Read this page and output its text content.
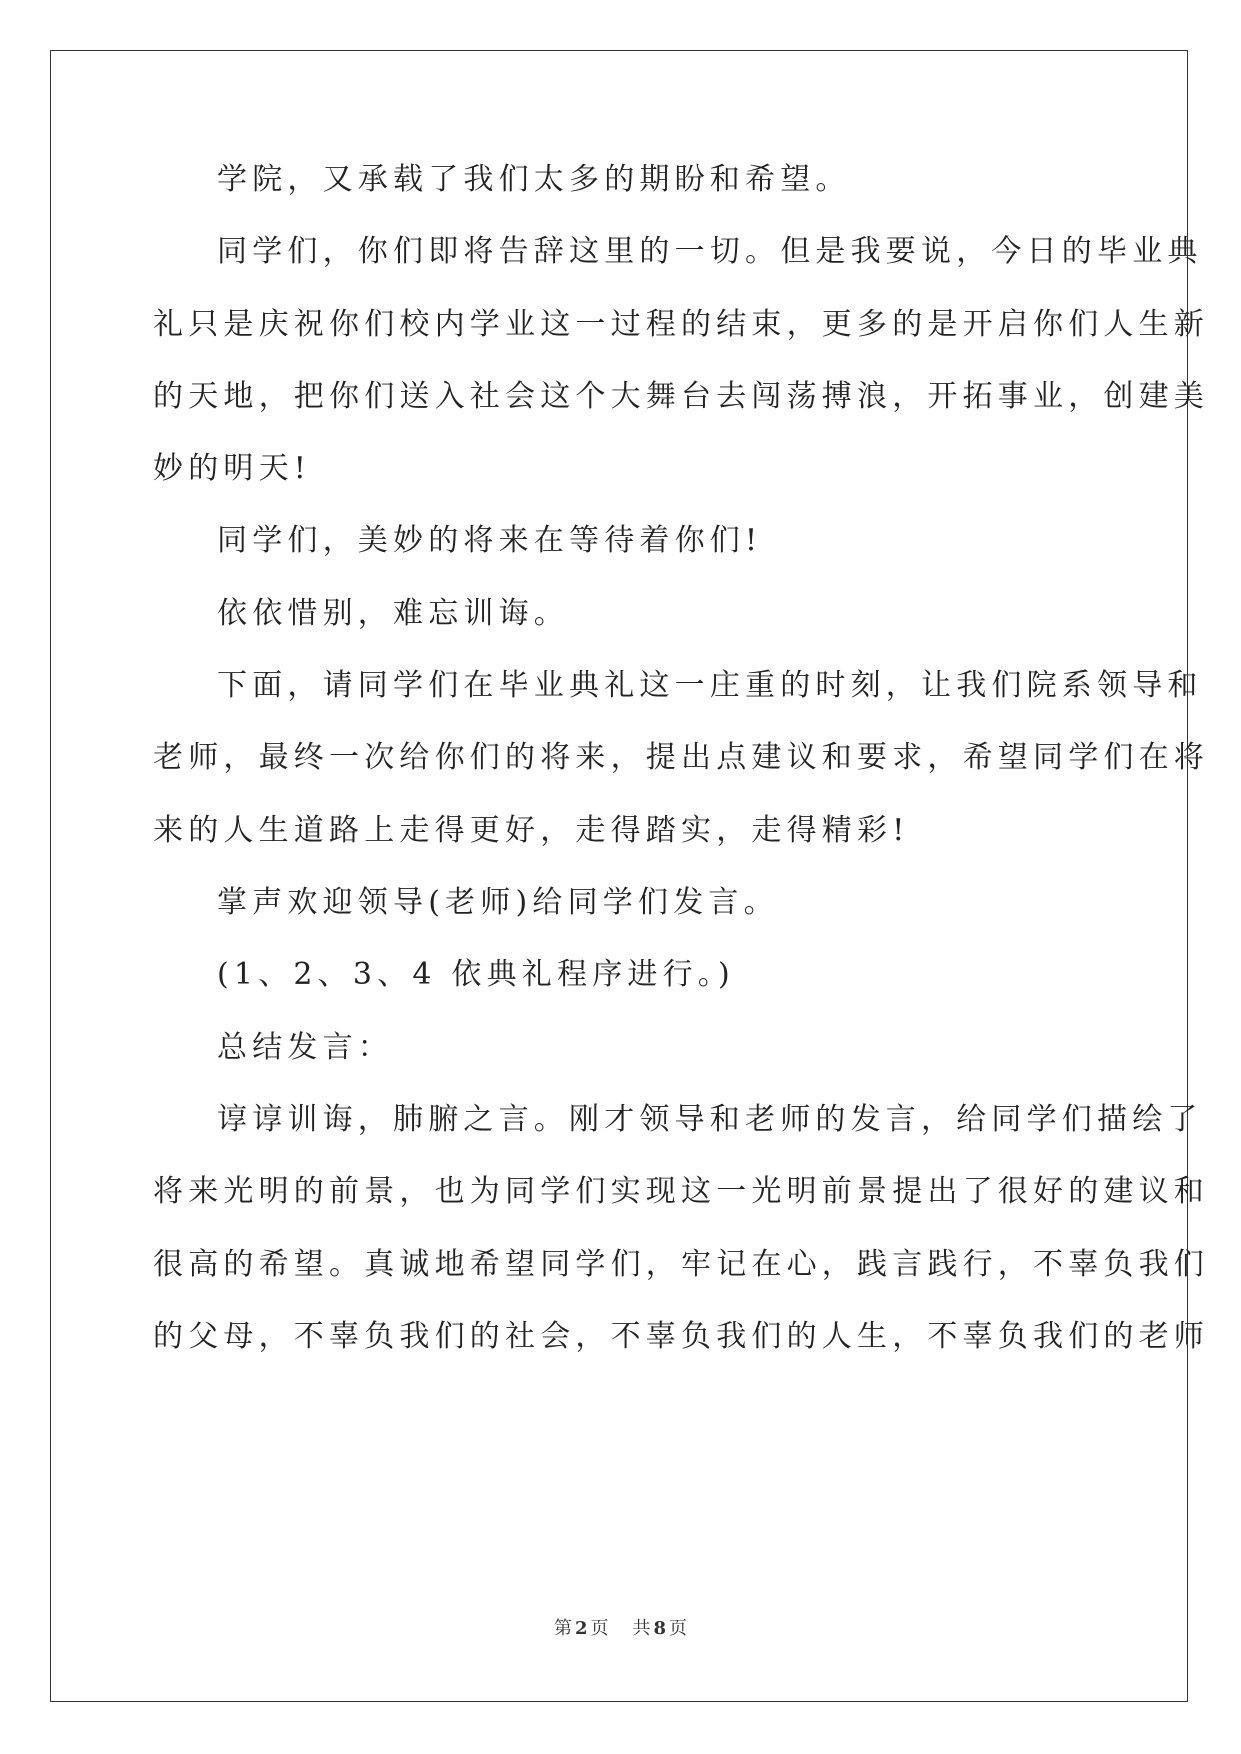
学院，又承载了我们太多的期盼和希望。
同学们，你们即将告辞这里的一切。但是我要说，今日的毕业典
礼只是庆祝你们校内学业这一过程的结束，更多的是开启你们人生新
的天地，把你们送入社会这个大舞台去闯荡搏浪，开拓事业，创建美
妙的明天!
同学们，美妙的将来在等待着你们!
依依惜别，难忘训诲。
下面，请同学们在毕业典礼这一庄重的时刻，让我们院系领导和
老师，最终一次给你们的将来，提出点建议和要求，希望同学们在将
来的人生道路上走得更好，走得踏实，走得精彩!
掌声欢迎领导(老师)给同学们发言。
(1、2、3、4 依典礼程序进行。)
总结发言：
谆谆训诲，肺腑之言。刚才领导和老师的发言，给同学们描绘了
将来光明的前景，也为同学们实现这一光明前景提出了很好的建议和
很高的希望。真诚地希望同学们，牢记在心，践言践行，不辜负我们
的父母，不辜负我们的社会，不辜负我们的人生，不辜负我们的老师
第 2 页 共 8 页
